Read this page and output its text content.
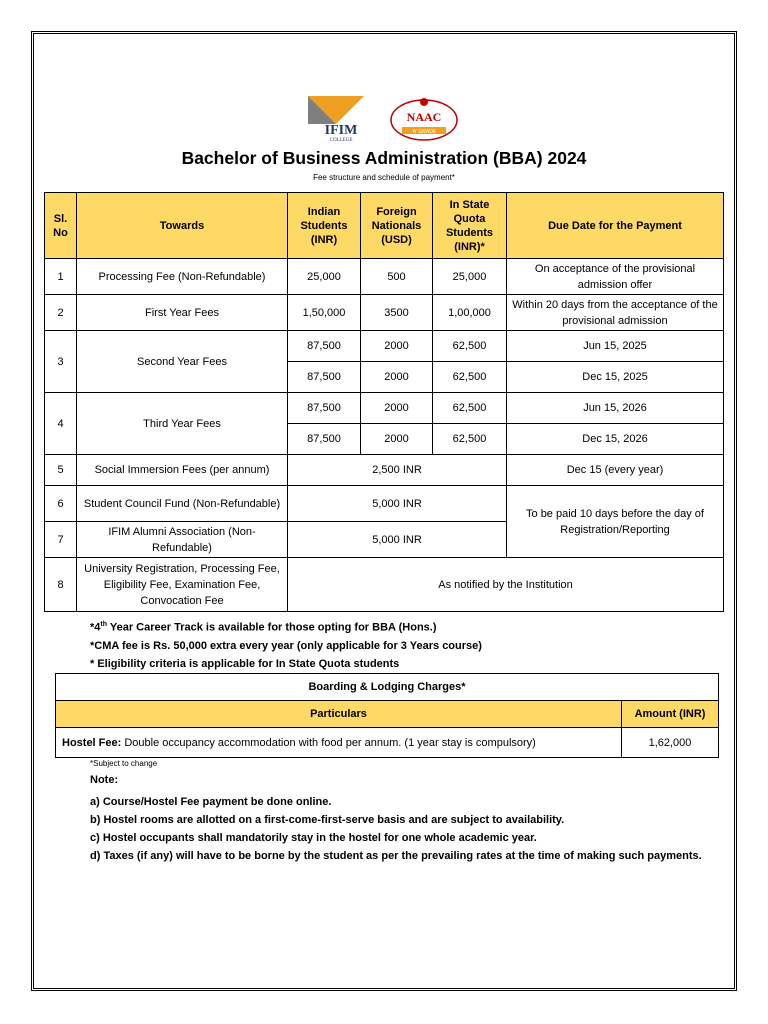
IFIM
COLLEGE
NAAC
'A' GRADE
Bachelor of Business Administration (BBA) 2024
Fee structure and schedule of payment*
Sl. No	Towards	Indian Students (INR)	Foreign Nationals (USD)	In State Quota Students (INR)*	Due Date for the Payment
1	Processing Fee (Non-Refundable)	25,000	500	25,000	On acceptance of the provisional admission offer
2	First Year Fees	1,50,000	3500	1,00,000	Within 20 days from the acceptance of the provisional admission
3	Second Year Fees	87,500	2000	62,500	Jun 15, 2025
		87,500	2000	62,500	Dec 15, 2025
4	Third Year Fees	87,500	2000	62,500	Jun 15, 2026
		87,500	2000	62,500	Dec 15, 2026
5	Social Immersion Fees (per annum)	2,500 INR			Dec 15 (every year)
6	Student Council Fund (Non-Refundable)	5,000 INR			To be paid 10 days before the day of Registration/Reporting
7	IFIM Alumni Association (Non-Refundable)	5,000 INR			
8	University Registration, Processing Fee, Eligibility Fee, Examination Fee, Convocation Fee	As notified by the Institution			
*4th Year Career Track is available for those opting for BBA (Hons.)
*CMA fee is Rs. 50,000 extra every year (only applicable for 3 Years course)
* Eligibility criteria is applicable for In State Quota students
Boarding & Lodging Charges*	
Particulars	Amount (INR)
Hostel Fee: Double occupancy accommodation with food per annum. (1 year stay is compulsory)	1,62,000
*Subject to change
Note:
a) Course/Hostel Fee payment be done online.
b) Hostel rooms are allotted on a first-come-first-serve basis and are subject to availability.
c) Hostel occupants shall mandatorily stay in the hostel for one whole academic year.
d) Taxes (if any) will have to be borne by the student as per the prevailing rates at the time of making such payments.
